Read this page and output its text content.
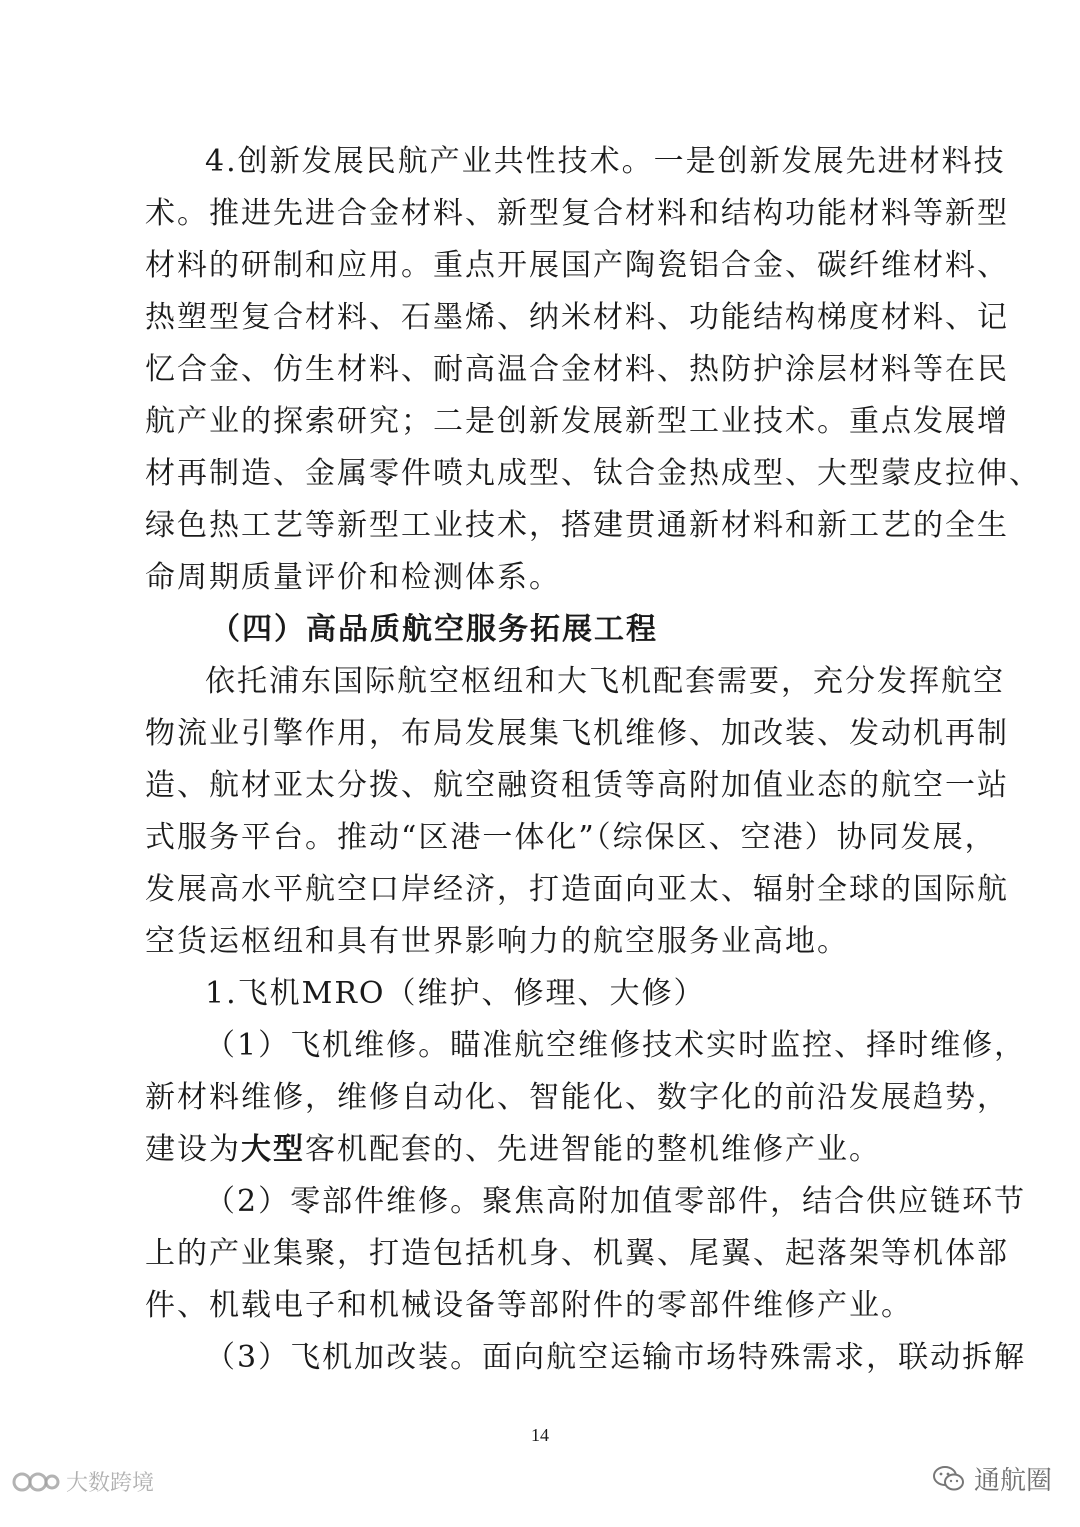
4.创新发展民航产业共性技术。一是创新发展先进材料技
术。推进先进合金材料、新型复合材料和结构功能材料等新型
材料的研制和应用。重点开展国产陶瓷铝合金、碳纤维材料、
热塑型复合材料、石墨烯、纳米材料、功能结构梯度材料、记
忆合金、仿生材料、耐高温合金材料、热防护涂层材料等在民
航产业的探索研究；二是创新发展新型工业技术。重点发展增
材再制造、金属零件喷丸成型、钛合金热成型、大型蒙皮拉伸、
绿色热工艺等新型工业技术，搭建贯通新材料和新工艺的全生
命周期质量评价和检测体系。
（四）高品质航空服务拓展工程
依托浦东国际航空枢纽和大飞机配套需要，充分发挥航空
物流业引擎作用，布局发展集飞机维修、加改装、发动机再制
造、航材亚太分拨、航空融资租赁等高附加值业态的航空一站
式服务平台。推动“区港一体化”（综保区、空港）协同发展，
发展高水平航空口岸经济，打造面向亚太、辐射全球的国际航
空货运枢纽和具有世界影响力的航空服务业高地。
1.飞机MRO（维护、修理、大修）
（1）飞机维修。瞄准航空维修技术实时监控、择时维修，
新材料维修，维修自动化、智能化、数字化的前沿发展趋势，
建设为大型客机配套的、先进智能的整机维修产业。
（2）零部件维修。聚焦高附加值零部件，结合供应链环节
上的产业集聚，打造包括机身、机翼、尾翼、起落架等机体部
件、机载电子和机械设备等部附件的零部件维修产业。
（3）飞机加改装。面向航空运输市场特殊需求，联动拆解
14
大数跨境	通航圈
